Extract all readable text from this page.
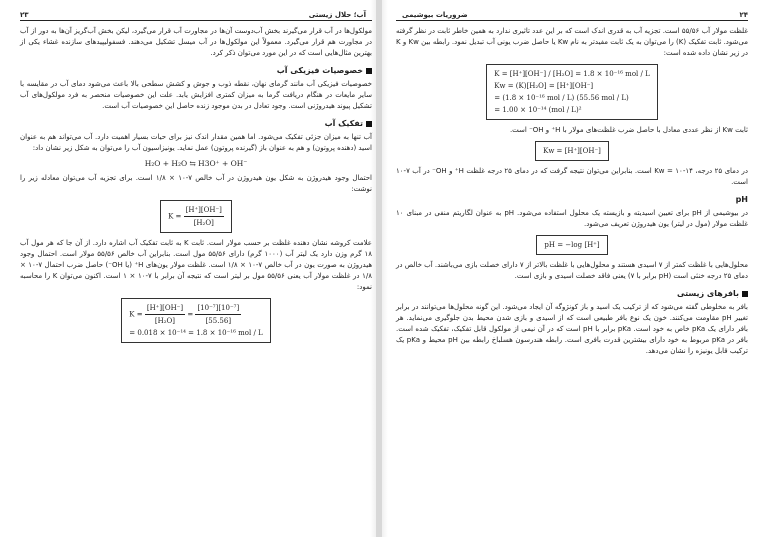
۲۳	آب؛ حلال زیستی

مولکول‌ها در آب قرار می‌گیرند بخش آب‌دوست آن‌ها در مجاورت آب قرار می‌گیرد، لیکن بخش آب‌گریز آن‌ها به دور از آب در مجاورت هم قرار می‌گیرد. معمولاً این مولکول‌ها در آب میسل تشکیل می‌دهند. فسفولیپیدهای سازنده غشاء یکی از بهترین مثال‌هایی است که در این مورد می‌توان ذکر کرد.

خصوصیات فیزیکی آب

خصوصیات فیزیکی آب مانند گرمای نهان، نقطه ذوب و جوش و کشش سطحی بالا باعث می‌شود دمای آب در مقایسه با سایر مایعات در هنگام دریافت گرما به میزان کمتری افزایش یابد. علت این خصوصیات منحصر به فرد مولکول‌های آب تشکیل پیوند هیدروژنی است. وجود تعادل در بدن موجود زنده حاصل این خصوصیات آب است.

تفکیک آب

آب تنها به میزان جزئی تفکیک می‌شود. اما همین مقدار اندک نیز برای حیات بسیار اهمیت دارد. آب می‌تواند هم به عنوان اسید (دهنده پروتون) و هم به عنوان باز (گیرنده پروتون) عمل نماید. یونیزاسیون آب را می‌توان به شکل زیر نشان داد:

H₂O + H₂O ⇆ H3O⁺ + OH⁻

احتمال وجود هیدروژن به شکل یون هیدروژن در آب خالص ۷-۱۰ × ۱/۸ است. برای تجزیه آب می‌توان معادله زیر را نوشت:

$K = \frac{[H^+][OH^-]}{\text{[H₂O]}}$

علامت کروشه نشان دهنده غلظت بر حسب مولار است. ثابت K به ثابت تفکیک آب اشاره دارد. از آن جا که هر مول آب ۱۸ گرم وزن دارد یک لیتر آب (۱۰۰۰ گرم) دارای ۵۵/۵۶ مول است. بنابراین آب خالص ۵۵/۵۶ مولار است. احتمال وجود هیدروژن به صورت یون در آب خالص ۷-۱۰ × ۱/۸ است. غلظت مولار یون‌های H⁺ (یا OH⁻) حاصل ضرب احتمال ۷-۱۰ × ۱/۸ در غلظت مولار آب یعنی ۵۵/۵۶ مول بر لیتر است که نتیجه آن برابر با ۷-۱۰ × ۱ است. اکنون می‌توان K را محاسبه نمود:

$K = \frac{[H^+][OH^-]}{\text{[H₂O]}} = \frac{\text{[10⁻⁷][10⁻⁷]}}{[55.56]}$

= 0.018 × 10⁻¹⁴ = 1.8 × 10⁻¹⁶ mol / L
۲۴
ضروریات بیوشیمی

غلظت مولار آب ۵۵/۵۶ است. تجزیه آب به قدری اندک است که بر این عدد تاثیری ندارد به همین خاطر ثابت در نظر گرفته می‌شود. ثابت تفکیک (K) را می‌توان به یک ثابت مفیدتر به نام Kw یا حاصل ضرب یونی آب تبدیل نمود. رابطه بین Kw و K در زیر نشان داده شده است:

K = [H⁺][OH⁻] / [H₂O] = 1.8 × 10⁻¹⁶ mol / L
Kw = (K)[H₂O] = [H⁺][OH⁻]
= (1.8 × 10⁻¹⁶ mol / L) (55.56 mol / L)
= 1.00 × 10⁻¹⁴ (mol / L)²

ثابت Kw از نظر عددی معادل با حاصل ضرب غلظت‌های مولار با H⁺ و OH⁻ است.

Kw = [H⁺][OH⁻]

در دمای ۲۵ درجه، ۱۴-۱۰ = Kw است. بنابراین می‌توان نتیجه گرفت که در دمای ۲۵ درجه غلظت H⁺ و OH⁻ در آب ۷-۱۰ است.

pH

در بیوشیمی از pH برای تعیین اسیدیته و بازیسته یک محلول استفاده می‌شود. pH به عنوان لگاریتم منفی در مبنای ۱۰ غلظت مولار (مول در لیتر) یون هیدروژن تعریف می‌شود.

pH = −log [H⁺]

محلول‌هایی با غلظت کمتر از ۷ اسیدی هستند و محلول‌هایی با غلظت بالاتر از ۷ دارای خصلت بازی می‌باشند. آب خالص در دمای ۲۵ درجه خنثی است (pH برابر با ۷) یعنی فاقد خصلت اسیدی و بازی است.

بافرهای زیستی

بافر به مخلوطی گفته می‌شود که از ترکیب یک اسید و باز کونژوگه آن ایجاد می‌شود. این گونه محلول‌ها می‌توانند در برابر تغییر pH مقاومت می‌کنند. خون یک نوع بافر طبیعی است که از اسیدی و بازی شدن محیط بدن جلوگیری می‌نماید. هر بافر دارای یک pKa خاص به خود است. pKa برابر با pH است که در آن نیمی از مولکول قابل تفکیک، تفکیک شده است. بافر در pKa مربوط به خود دارای بیشترین قدرت بافری است. رابطه هندرسون هسلباخ رابطه بین pH محیط و pKa یک ترکیب قابل یونیزه را نشان می‌دهد.
